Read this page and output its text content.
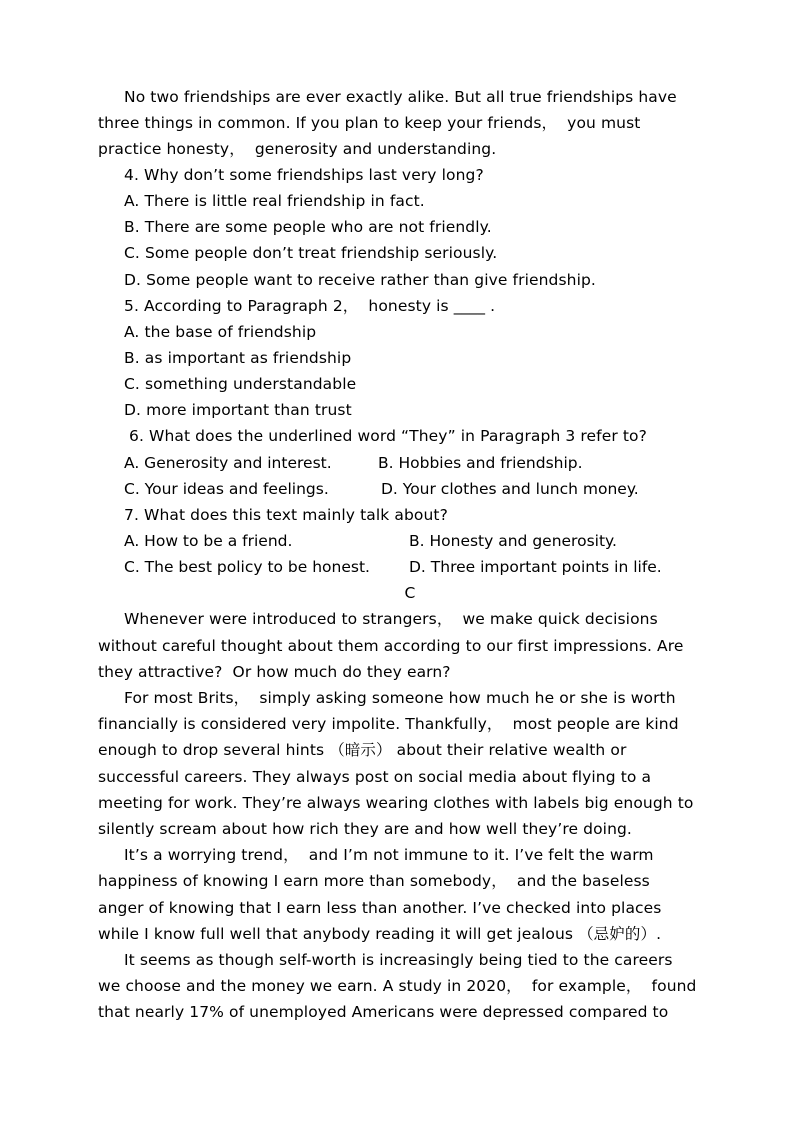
No two friendships are ever exactly alike. But all true friendships have
three things in common. If you plan to keep your friends，  you must
practice honesty，  generosity and understanding.
4. Why don’t some friendships last very long?
A. There is little real friendship in fact.
B. There are some people who are not friendly.
C. Some people don’t treat friendship seriously.
D. Some people want to receive rather than give friendship.
5. According to Paragraph 2，  honesty is ____ .
A. the base of friendship
B. as important as friendship
C. something understandable
D. more important than trust
6. What does the underlined word “They” in Paragraph 3 refer to?
A. Generosity and interest.	B. Hobbies and friendship.
C. Your ideas and feelings.	D. Your clothes and lunch money.
7. What does this text mainly talk about?
A. How to be a friend.	B. Honesty and generosity.
C. The best policy to be honest.	D. Three important points in life.
C
Whenever were introduced to strangers，  we make quick decisions
without careful thought about them according to our first impressions. Are
they attractive?  Or how much do they earn?
For most Brits，  simply asking someone how much he or she is worth
financially is considered very impolite. Thankfully，  most people are kind
enough to drop several hints （暗示） about their relative wealth or
successful careers. They always post on social media about flying to a
meeting for work. They’re always wearing clothes with labels big enough to
silently scream about how rich they are and how well they’re doing.
It’s a worrying trend，  and I’m not immune to it. I’ve felt the warm
happiness of knowing I earn more than somebody，  and the baseless
anger of knowing that I earn less than another. I’ve checked into places
while I know full well that anybody reading it will get jealous （忌妒的）.
It seems as though self-worth is increasingly being tied to the careers
we choose and the money we earn. A study in 2020，  for example，  found
that nearly 17% of unemployed Americans were depressed compared to
